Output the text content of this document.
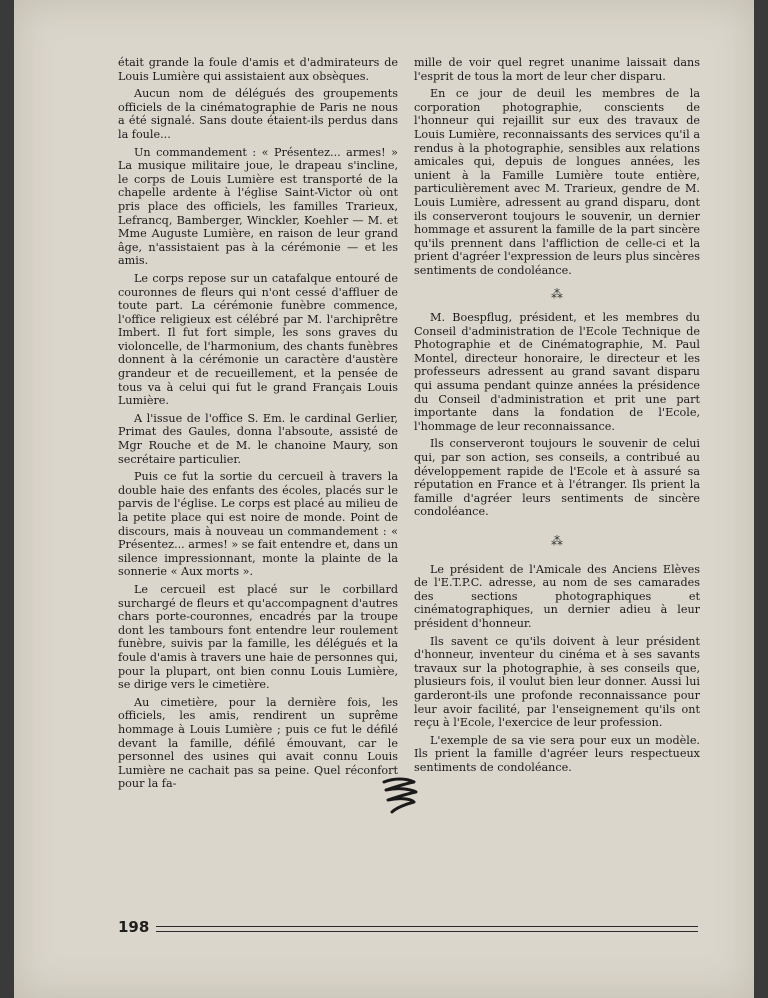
était grande la foule d'amis et d'admirateurs de Louis Lumière qui assistaient aux obsèques.

Aucun nom de délégués des groupements officiels de la cinématographie de Paris ne nous a été signalé. Sans doute étaient-ils perdus dans la foule...

Un commandement : « Présentez... armes! » La musique militaire joue, le drapeau s'incline, le corps de Louis Lumière est transporté de la chapelle ardente à l'église Saint-Victor où ont pris place des officiels, les familles Trarieux, Lefrancq, Bamberger, Winckler, Koehler — M. et Mme Auguste Lumière, en raison de leur grand âge, n'assistaient pas à la cérémonie — et les amis.

Le corps repose sur un catafalque entouré de couronnes de fleurs qui n'ont cessé d'affluer de toute part. La cérémonie funèbre commence, l'office religieux est célébré par M. l'archiprêtre Imbert. Il fut fort simple, les sons graves du violoncelle, de l'harmonium, des chants funèbres donnent à la cérémonie un caractère d'austère grandeur et de recueillement, et la pensée de tous va à celui qui fut le grand Français Louis Lumière.

A l'issue de l'office S. Em. le cardinal Gerlier, Primat des Gaules, donna l'absoute, assisté de Mgr Rouche et de M. le chanoine Maury, son secrétaire particulier.

Puis ce fut la sortie du cercueil à travers la double haie des enfants des écoles, placés sur le parvis de l'église. Le corps est placé au milieu de la petite place qui est noire de monde. Point de discours, mais à nouveau un commandement : « Présentez... armes! » se fait entendre et, dans un silence impressionnant, monte la plainte de la sonnerie « Aux morts ».

Le cercueil est placé sur le corbillard surchargé de fleurs et qu'accompagnent d'autres chars porte-couronnes, encadrés par la troupe dont les tambours font entendre leur roulement funèbre, suivis par la famille, les délégués et la foule d'amis à travers une haie de personnes qui, pour la plupart, ont bien connu Louis Lumière, se dirige vers le cimetière.

Au cimetière, pour la dernière fois, les officiels, les amis, rendirent un suprême hommage à Louis Lumière ; puis ce fut le défilé devant la famille, défilé émouvant, car le personnel des usines qui avait connu Louis Lumière ne cachait pas sa peine. Quel réconfort pour la fa-

mille de voir quel regret unanime laissait dans l'esprit de tous la mort de leur cher disparu.

En ce jour de deuil les membres de la corporation photographie, conscients de l'honneur qui rejaillit sur eux des travaux de Louis Lumière, reconnaissants des services qu'il a rendus à la photographie, sensibles aux relations amicales qui, depuis de longues années, les unient à la Famille Lumière toute entière, particulièrement avec M. Trarieux, gendre de M. Louis Lumière, adressent au grand disparu, dont ils conserveront toujours le souvenir, un dernier hommage et assurent la famille de la part sincère qu'ils prennent dans l'affliction de celle-ci et la prient d'agréer l'expression de leurs plus sincères sentiments de condoléance.

⁂

M. Boespflug, président, et les membres du Conseil d'administration de l'Ecole Technique de Photographie et de Cinématographie, M. Paul Montel, directeur honoraire, le directeur et les professeurs adressent au grand savant disparu qui assuma pendant quinze années la présidence du Conseil d'administration et prit une part importante dans la fondation de l'Ecole, l'hommage de leur reconnaissance.

Ils conserveront toujours le souvenir de celui qui, par son action, ses conseils, a contribué au développement rapide de l'Ecole et à assuré sa réputation en France et à l'étranger. Ils prient la famille d'agréer leurs sentiments de sincère condoléance.

⁂

Le président de l'Amicale des Anciens Elèves de l'E.T.P.C. adresse, au nom de ses camarades des sections photographiques et cinématographiques, un dernier adieu à leur président d'honneur.

Ils savent ce qu'ils doivent à leur président d'honneur, inventeur du cinéma et à ses savants travaux sur la photographie, à ses conseils que, plusieurs fois, il voulut bien leur donner. Aussi lui garderont-ils une profonde reconnaissance pour leur avoir facilité, par l'enseignement qu'ils ont reçu à l'Ecole, l'exercice de leur profession.

L'exemple de sa vie sera pour eux un modèle. Ils prient la famille d'agréer leurs respectueux sentiments de condoléance.

198
